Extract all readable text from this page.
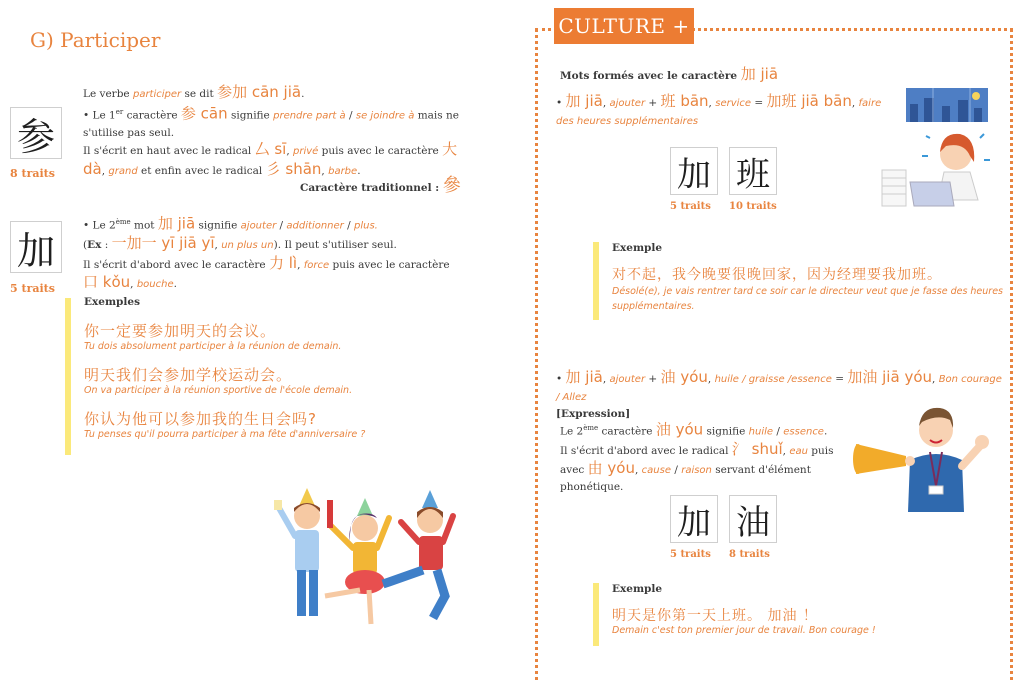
G) Participer
参
8 traits
Le verbe participer se dit 参加 cān jiā.
• Le 1er caractère 参 cān signifie prendre part à / se joindre à mais ne s'utilise pas seul.
Il s'écrit en haut avec le radical 厶 sī, privé puis avec le caractère 大 dà, grand et enfin avec le radical 彡 shān, barbe.
Caractère traditionnel : 參
加
5 traits
• Le 2ème mot 加 jiā signifie ajouter / additionner / plus.
(Ex : 一加一 yī jiā yī, un plus un). Il peut s'utiliser seul.
Il s'écrit d'abord avec le caractère 力 lì, force puis avec le caractère 口 kǒu, bouche.
Exemples
你一定要参加明天的会议。
Tu dois absolument participer à la réunion de demain.
明天我们会参加学校运动会。
On va participer à la réunion sportive de l'école demain.
你认为他可以参加我的生日会吗?
Tu penses qu'il pourra participer à ma fête d'anniversaire ?
CULTURE +
Mots formés avec le caractère 加 jiā
• 加 jiā, ajouter + 班 bān, service = 加班 jiā bān, faire des heures supplémentaires
加 班
5 traits 10 traits
Exemple
对不起，我今晚要很晚回家，因为经理要我加班。
Désolé(e), je vais rentrer tard ce soir car le directeur veut que je fasse des heures supplémentaires.
• 加 jiā, ajouter + 油 yóu, huile / graisse /essence = 加油 jiā yóu, Bon courage / Allez
[Expression]
Le 2ème caractère 油 yóu signifie huile / essence.
Il s'écrit d'abord avec le radical 氵 shuǐ, eau puis avec 由 yóu, cause / raison servant d'élément phonétique.
加 油
5 traits 8 traits
Exemple
明天是你第一天上班。 加油 ！
Demain c'est ton premier jour de travail. Bon courage !
